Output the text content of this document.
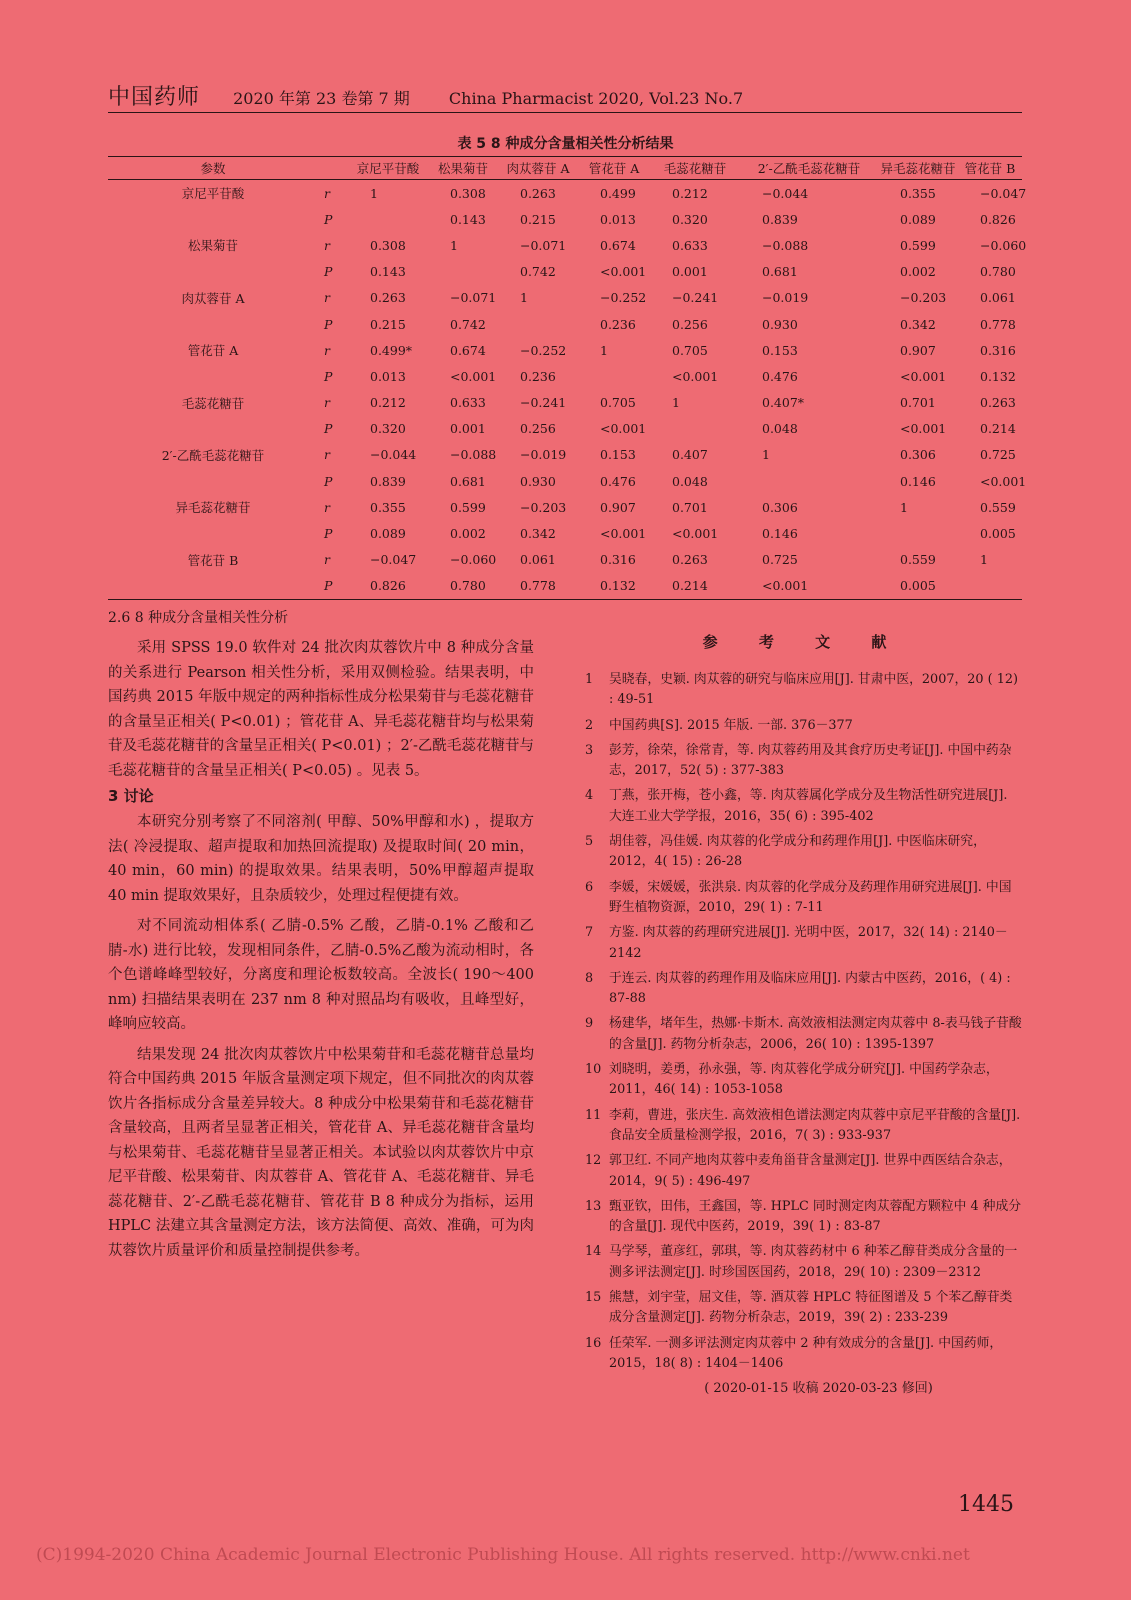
中国药师 2020 年第 23 卷第 7 期 China Pharmacist 2020, Vol.23 No.7
表 5 8 种成分含量相关性分析结果
参数		京尼平苷酸	松果菊苷	肉苁蓉苷 A	管花苷 A	毛蕊花糖苷	2′-乙酰毛蕊花糖苷	异毛蕊花糖苷	管花苷 B
京尼平苷酸	r	1	0.308	0.263	0.499	0.212	−0.044	0.355	−0.047
	P		0.143	0.215	0.013	0.320	0.839	0.089	0.826
松果菊苷	r	0.308	1	−0.071	0.674	0.633	−0.088	0.599	−0.060
	P	0.143		0.742	<0.001	0.001	0.681	0.002	0.780
肉苁蓉苷 A	r	0.263	−0.071	1	−0.252	−0.241	−0.019	−0.203	0.061
	P	0.215	0.742		0.236	0.256	0.930	0.342	0.778
管花苷 A	r	0.499*	0.674	−0.252	1	0.705	0.153	0.907	0.316
	P	0.013	<0.001	0.236		<0.001	0.476	<0.001	0.132
毛蕊花糖苷	r	0.212	0.633	−0.241	0.705	1	0.407*	0.701	0.263
	P	0.320	0.001	0.256	<0.001		0.048	<0.001	0.214
2′-乙酰毛蕊花糖苷	r	−0.044	−0.088	−0.019	0.153	0.407	1	0.306	0.725
	P	0.839	0.681	0.930	0.476	0.048		0.146	<0.001
异毛蕊花糖苷	r	0.355	0.599	−0.203	0.907	0.701	0.306	1	0.559
	P	0.089	0.002	0.342	<0.001	<0.001	0.146		0.005
管花苷 B	r	−0.047	−0.060	0.061	0.316	0.263	0.725	0.559	1
	P	0.826	0.780	0.778	0.132	0.214	<0.001	0.005	

2.6 8 种成分含量相关性分析

采用 SPSS 19.0 软件对 24 批次肉苁蓉饮片中 8 种成分含量的关系进行 Pearson 相关性分析，采用双侧检验。结果表明，中国药典 2015 年版中规定的两种指标性成分松果菊苷与毛蕊花糖苷的含量呈正相关( P<0.01) ；管花苷 A、异毛蕊花糖苷均与松果菊苷及毛蕊花糖苷的含量呈正相关( P<0.01) ；2′-乙酰毛蕊花糖苷与毛蕊花糖苷的含量呈正相关( P<0.05) 。见表 5。

3 讨论

本研究分别考察了不同溶剂( 甲醇、50%甲醇和水) ，提取方法( 冷浸提取、超声提取和加热回流提取) 及提取时间( 20 min，40 min，60 min) 的提取效果。结果表明，50%甲醇超声提取 40 min 提取效果好，且杂质较少，处理过程便捷有效。

对不同流动相体系( 乙腈-0.5% 乙酸，乙腈-0.1% 乙酸和乙腈-水) 进行比较，发现相同条件，乙腈-0.5%乙酸为流动相时，各个色谱峰峰型较好，分离度和理论板数较高。全波长( 190～400 nm) 扫描结果表明在 237 nm 8 种对照品均有吸收，且峰型好，峰响应较高。

结果发现 24 批次肉苁蓉饮片中松果菊苷和毛蕊花糖苷总量均符合中国药典 2015 年版含量测定项下规定，但不同批次的肉苁蓉饮片各指标成分含量差异较大。8 种成分中松果菊苷和毛蕊花糖苷含量较高，且两者呈显著正相关，管花苷 A、异毛蕊花糖苷含量均与松果菊苷、毛蕊花糖苷呈显著正相关。本试验以肉苁蓉饮片中京尼平苷酸、松果菊苷、肉苁蓉苷 A、管花苷 A、毛蕊花糖苷、异毛蕊花糖苷、2′-乙酰毛蕊花糖苷、管花苷 B 8 种成分为指标，运用 HPLC 法建立其含量测定方法，该方法简便、高效、准确，可为肉苁蓉饮片质量评价和质量控制提供参考。

参 考 文 献
1	吴晓春，史颖. 肉苁蓉的研究与临床应用[J]. 甘肃中医，2007，20 ( 12) : 49-51
2	中国药典[S]. 2015 年版. 一部. 376－377
3	彭芳，徐荣，徐常青，等. 肉苁蓉药用及其食疗历史考证[J]. 中国中药杂志，2017，52( 5) : 377-383
4	丁燕，张开梅，苍小鑫，等. 肉苁蓉属化学成分及生物活性研究进展[J]. 大连工业大学学报，2016，35( 6) : 395-402
5	胡佳蓉，冯佳媛. 肉苁蓉的化学成分和药理作用[J]. 中医临床研究，2012，4( 15) : 26-28
6	李媛，宋媛媛，张洪泉. 肉苁蓉的化学成分及药理作用研究进展[J]. 中国野生植物资源，2010，29( 1) : 7-11
7	方鉴. 肉苁蓉的药理研究进展[J]. 光明中医，2017，32( 14) : 2140－2142
8	于连云. 肉苁蓉的药理作用及临床应用[J]. 内蒙古中医药，2016，( 4) : 87-88
9	杨建华，堵年生，热娜·卡斯木. 高效液相法测定肉苁蓉中 8-表马钱子苷酸的含量[J]. 药物分析杂志，2006，26( 10) : 1395-1397
10 刘晓明，姜勇，孙永强，等. 肉苁蓉化学成分研究[J]. 中国药学杂志，2011，46( 14) : 1053-1058
11 李莉，曹进，张庆生. 高效液相色谱法测定肉苁蓉中京尼平苷酸的含量[J]. 食品安全质量检测学报，2016，7( 3) : 933-937
12 郭卫红. 不同产地肉苁蓉中麦角甾苷含量测定[J]. 世界中西医结合杂志，2014，9( 5) : 496-497
13 甄亚钦，田伟，王鑫国，等. HPLC 同时测定肉苁蓉配方颗粒中 4 种成分的含量[J]. 现代中医药，2019，39( 1) : 83-87
14 马学琴，董彦红，郭琪，等. 肉苁蓉药材中 6 种苯乙醇苷类成分含量的一测多评法测定[J]. 时珍国医国药，2018，29( 10) : 2309－2312
15 熊慧，刘宇莹，屈文佳，等. 酒苁蓉 HPLC 特征图谱及 5 个苯乙醇苷类成分含量测定[J]. 药物分析杂志，2019，39( 2) : 233-239
16 任荣军. 一测多评法测定肉苁蓉中 2 种有效成分的含量[J]. 中国药师，2015，18( 8) : 1404－1406
( 2020-01-15 收稿 2020-03-23 修回)
1445
(C)1994-2020 China Academic Journal Electronic Publishing House. All rights reserved. http://www.cnki.net
